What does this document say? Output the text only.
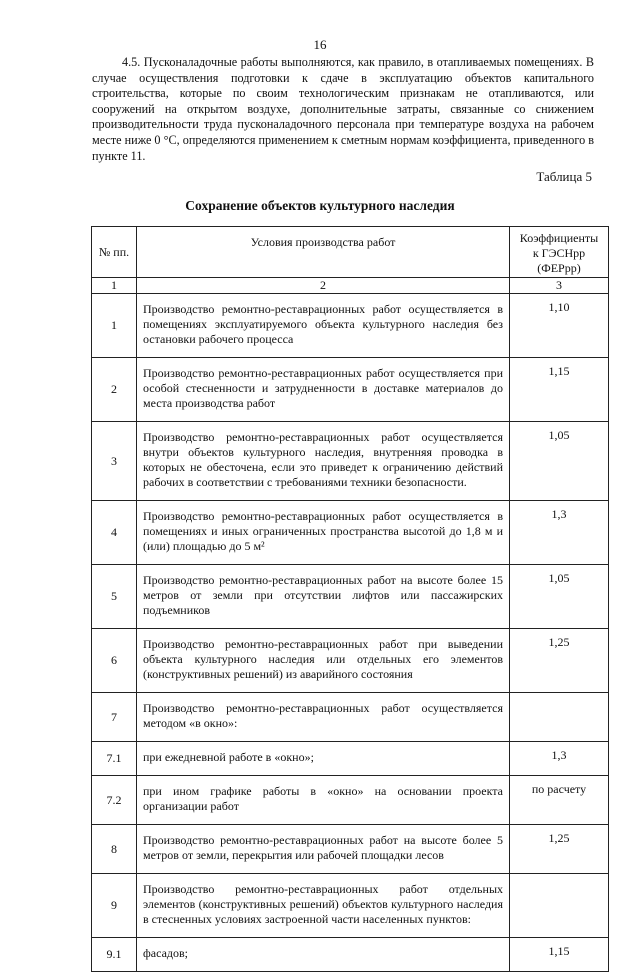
16

4.5. Пусконаладочные работы выполняются, как правило, в отапливаемых помещениях. В случае осуществления подготовки к сдаче в эксплуатацию объектов капитального строительства, которые по своим технологическим признакам не отапливаются, или сооружений на открытом воздухе, дополнительные затраты, связанные со снижением производительности труда пусконаладочного персонала при температуре воздуха на рабочем месте ниже 0 °С, определяются применением к сметным нормам коэффициента, приведенного в пункте 11.

Таблица 5
Сохранение объектов культурного наследия
№ пп.	Условия производства работ	Коэффициенты
к ГЭСНрр
(ФЕРрр)

1	2	3
1	Производство ремонтно-реставрационных работ осуществляется в помещениях эксплуатируемого объекта культурного наследия без остановки рабочего процесса	1,10
2	Производство ремонтно-реставрационных работ осуществляется при особой стесненности и затрудненности в доставке материалов до места производства работ	1,15
3	Производство ремонтно-реставрационных работ осуществляется внутри объектов культурного наследия, внутренняя проводка в которых не обесточена, если это приведет к ограничению действий рабочих в соответствии с требованиями техники безопасности.	1,05
4	Производство ремонтно-реставрационных работ осуществляется в помещениях и иных ограниченных пространства высотой до 1,8 м и (или) площадью до 5 м²	1,3
5	Производство ремонтно-реставрационных работ на высоте более 15 метров от земли при отсутствии лифтов или пассажирских подъемников	1,05
6	Производство ремонтно-реставрационных работ при выведении объекта культурного наследия или отдельных его элементов (конструктивных решений) из аварийного состояния	1,25
7	Производство ремонтно-реставрационных работ осуществляется методом «в окно»:	
7.1	при ежедневной работе в «окно»;	1,3
7.2	при ином графике работы в «окно» на основании проекта организации работ	по расчету
8	Производство ремонтно-реставрационных работ на высоте более 5 метров от земли, перекрытия или рабочей площадки лесов	1,25
9	Производство ремонтно-реставрационных работ отдельных элементов (конструктивных решений) объектов культурного наследия в стесненных условиях застроенной части населенных пунктов:	
9.1	фасадов;	1,15
